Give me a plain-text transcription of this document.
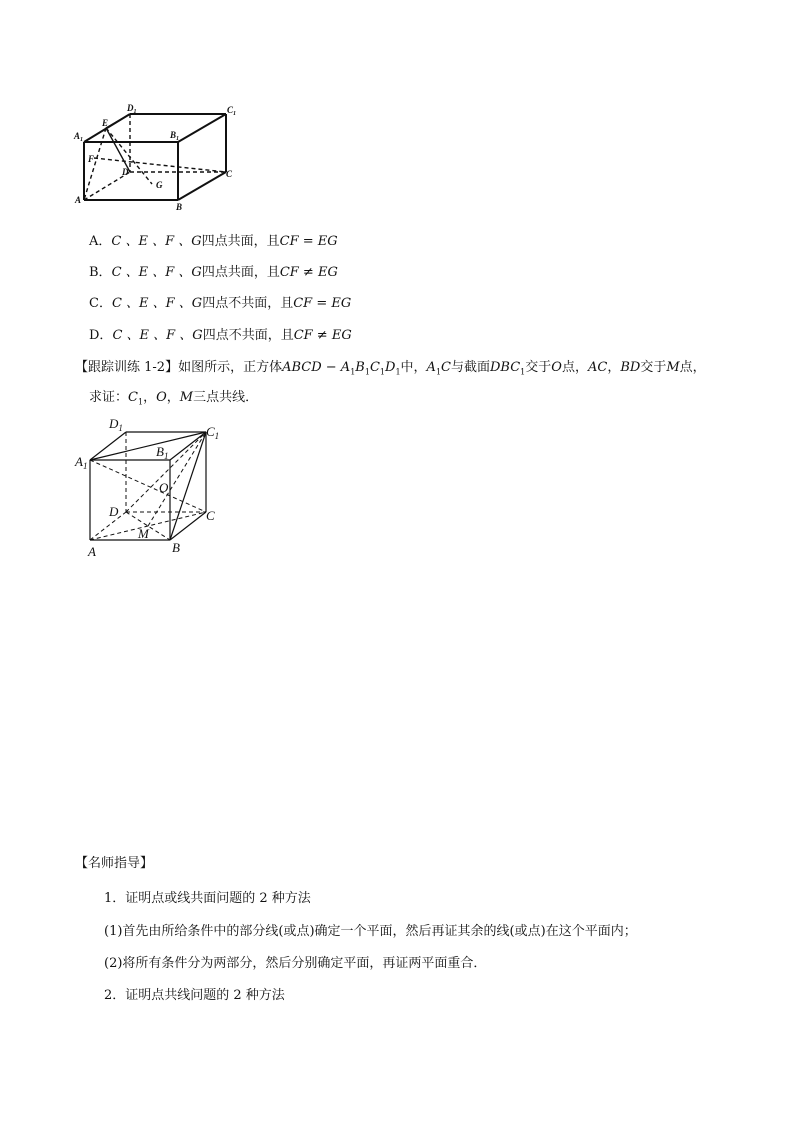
$D_1$	$C_1$
$A_1$	$B_1$
E
F
D
G
A
B
C
A．C 、E 、F 、G四点共面，且CF = EG
B．C 、E 、F 、G四点共面，且CF ≠ EG
C．C 、E 、F 、G四点不共面，且CF = EG
D．C 、E 、F 、G四点不共面，且CF ≠ EG
【跟踪训练 1-2】如图所示，正方体ABCD − $A_1B_1C_1D_1$中，$A_1C$与截面$DBC_1$交于O点，AC，BD交于M点，
求证：$C_1$，O，M三点共线．
$D_1$	$C_1$
$A_1$
$B_1$
O
D	C
M
A	B
【名师指导】
1．证明点或线共面问题的 2 种方法
(1)首先由所给条件中的部分线(或点)确定一个平面，然后再证其余的线(或点)在这个平面内；
(2)将所有条件分为两部分，然后分别确定平面，再证两平面重合．
2．证明点共线问题的 2 种方法
